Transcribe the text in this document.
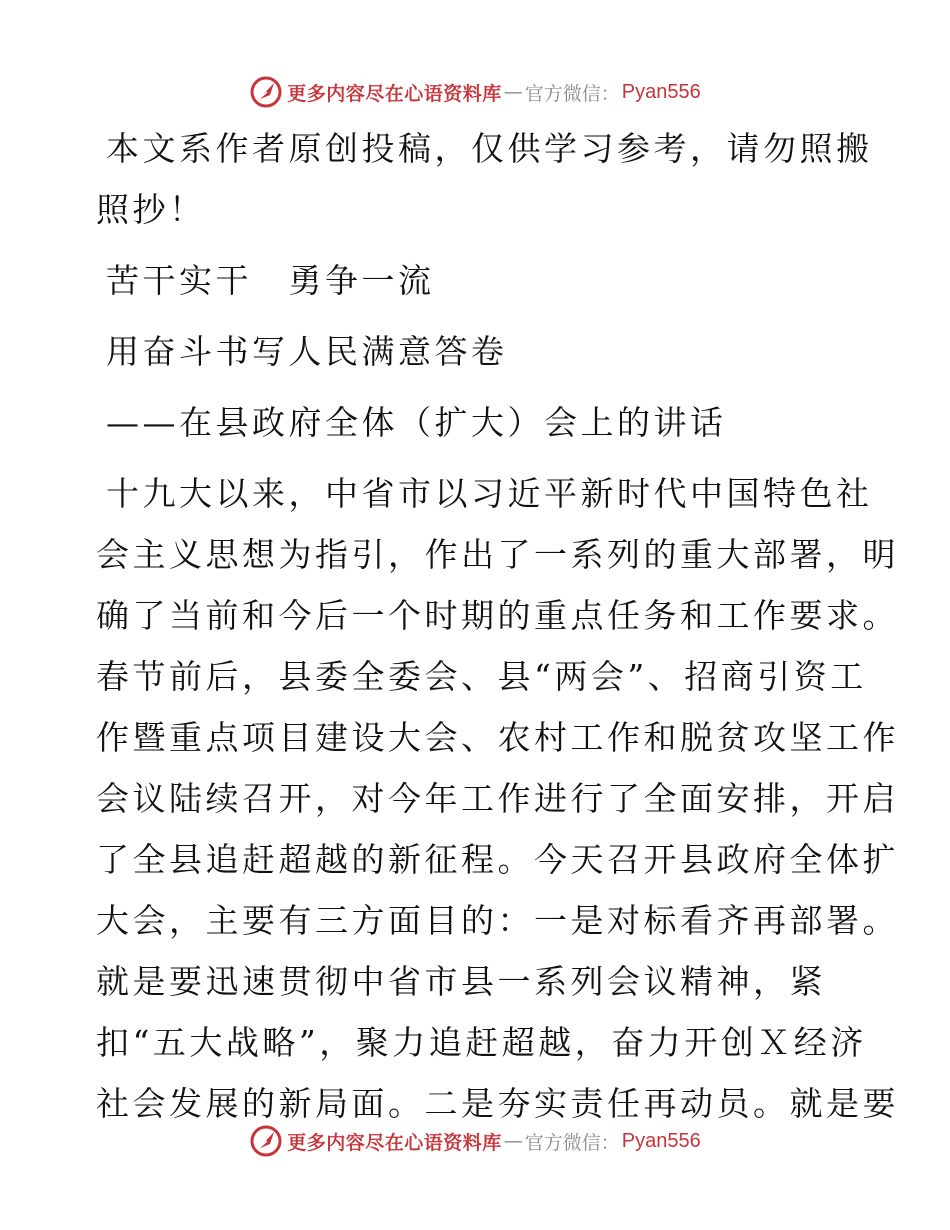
更多内容尽在心语资料库 — 官方微信： Pyan556

本文系作者原创投稿，仅供学习参考，请勿照搬

照抄！

苦干实干　勇争一流

用奋斗书写人民满意答卷

——在县政府全体（扩大）会上的讲话

十九大以来，中省市以习近平新时代中国特色社

会主义思想为指引，作出了一系列的重大部署，明

确了当前和今后一个时期的重点任务和工作要求。

春节前后，县委全委会、县“两会”、招商引资工

作暨重点项目建设大会、农村工作和脱贫攻坚工作

会议陆续召开，对今年工作进行了全面安排，开启

了全县追赶超越的新征程。今天召开县政府全体扩

大会，主要有三方面目的：一是对标看齐再部署。

就是要迅速贯彻中省市县一系列会议精神，紧

扣“五大战略”，聚力追赶超越，奋力开创Ｘ经济

社会发展的新局面。二是夯实责任再动员。就是要

更多内容尽在心语资料库 — 官方微信： Pyan556
